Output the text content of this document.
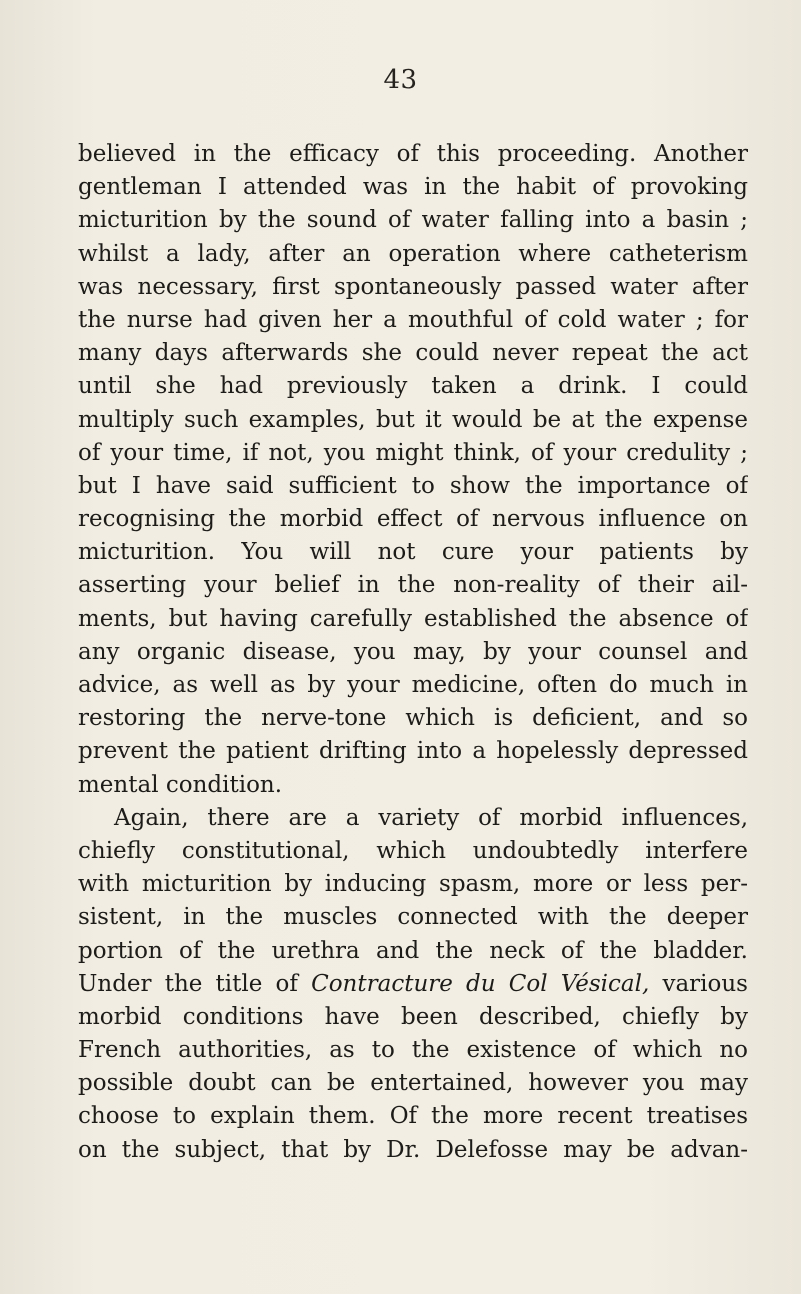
43
believed in the efficacy of this proceeding. Another
gentleman I attended was in the habit of provoking
micturition by the sound of water falling into a basin ;
whilst a lady, after an operation where catheterism
was necessary, first spontaneously passed water after
the nurse had given her a mouthful of cold water ; for
many days afterwards she could never repeat the act
until she had previously taken a drink. I could
multiply such examples, but it would be at the expense
of your time, if not, you might think, of your credulity ;
but I have said sufficient to show the importance of
recognising the morbid effect of nervous influence on
micturition. You will not cure your patients by
asserting your belief in the non-reality of their ail-
ments, but having carefully established the absence of
any organic disease, you may, by your counsel and
advice, as well as by your medicine, often do much in
restoring the nerve-tone which is deficient, and so
prevent the patient drifting into a hopelessly depressed
mental condition.
Again, there are a variety of morbid influences,
chiefly constitutional, which undoubtedly interfere
with micturition by inducing spasm, more or less per-
sistent, in the muscles connected with the deeper
portion of the urethra and the neck of the bladder.
Under the title of Contracture du Col Vésical, various
morbid conditions have been described, chiefly by
French authorities, as to the existence of which no
possible doubt can be entertained, however you may
choose to explain them. Of the more recent treatises
on the subject, that by Dr. Delefosse may be advan-
